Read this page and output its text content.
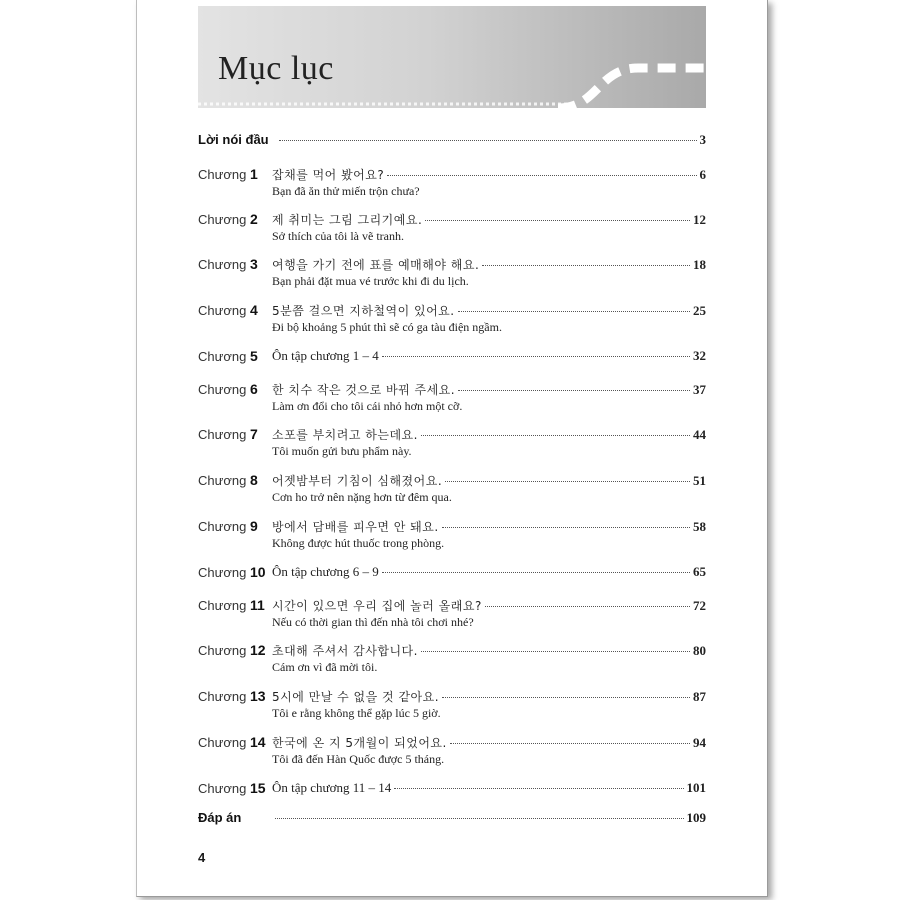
Mục lục
Lời nói đầu	3
Chương 1 잡채를 먹어 봤어요?	6
Bạn đã ăn thử miến trộn chưa?
Chương 2 제 취미는 그림 그리기예요.	12
Sở thích của tôi là vẽ tranh.
Chương 3 여행을 가기 전에 표를 예매해야 해요.	18
Bạn phải đặt mua vé trước khi đi du lịch.
Chương 4 5분쯤 걸으면 지하철역이 있어요.	25
Đi bộ khoảng 5 phút thì sẽ có ga tàu điện ngầm.
Chương 5 Ôn tập chương 1 – 4	32
Chương 6 한 치수 작은 것으로 바꿔 주세요.	37
Làm ơn đổi cho tôi cái nhỏ hơn một cỡ.
Chương 7 소포를 부치려고 하는데요.	44
Tôi muốn gửi bưu phẩm này.
Chương 8 어젯밤부터 기침이 심해졌어요.	51
Cơn ho trở nên nặng hơn từ đêm qua.
Chương 9 방에서 담배를 피우면 안 돼요.	58
Không được hút thuốc trong phòng.
Chương 10 Ôn tập chương 6 – 9	65
Chương 11 시간이 있으면 우리 집에 놀러 올래요?	72
Nếu có thời gian thì đến nhà tôi chơi nhé?
Chương 12 초대해 주셔서 감사합니다.	80
Cám ơn vì đã mời tôi.
Chương 13 5시에 만날 수 없을 것 같아요.	87
Tôi e rằng không thể gặp lúc 5 giờ.
Chương 14 한국에 온 지 5개월이 되었어요.	94
Tôi đã đến Hàn Quốc được 5 tháng.
Chương 15 Ôn tập chương 11 – 14	101
Đáp án	109
4
